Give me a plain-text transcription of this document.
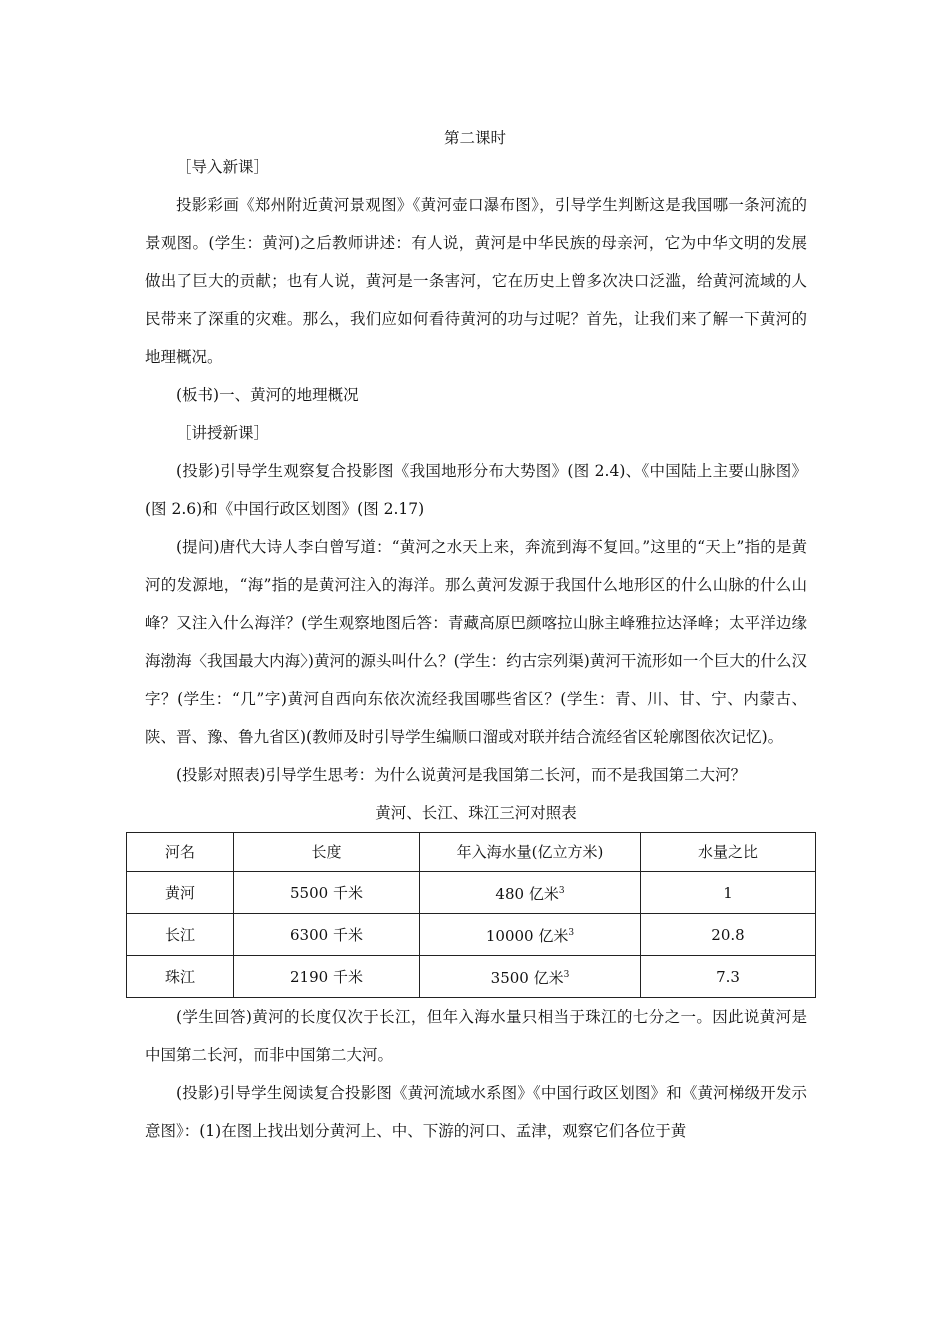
第二课时

［导入新课］

投影彩画《郑州附近黄河景观图》《黄河壶口瀑布图》，引导学生判断这是我国哪一条河流的景观图。(学生：黄河)之后教师讲述：有人说，黄河是中华民族的母亲河，它为中华文明的发展做出了巨大的贡献；也有人说，黄河是一条害河，它在历史上曾多次决口泛滥，给黄河流域的人民带来了深重的灾难。那么，我们应如何看待黄河的功与过呢？首先，让我们来了解一下黄河的地理概况。

(板书)一、黄河的地理概况

［讲授新课］

(投影)引导学生观察复合投影图《我国地形分布大势图》(图 2.4)、《中国陆上主要山脉图》(图 2.6)和《中国行政区划图》(图 2.17)

(提问)唐代大诗人李白曾写道：“黄河之水天上来，奔流到海不复回。”这里的“天上”指的是黄河的发源地，“海”指的是黄河注入的海洋。那么黄河发源于我国什么地形区的什么山脉的什么山峰？又注入什么海洋？(学生观察地图后答：青藏高原巴颜喀拉山脉主峰雅拉达泽峰；太平洋边缘海渤海〈我国最大内海〉)黄河的源头叫什么？(学生：约古宗列渠)黄河干流形如一个巨大的什么汉字？(学生：“几”字)黄河自西向东依次流经我国哪些省区？(学生：青、川、甘、宁、内蒙古、陕、晋、豫、鲁九省区)(教师及时引导学生编顺口溜或对联并结合流经省区轮廓图依次记忆)。

(投影对照表)引导学生思考：为什么说黄河是我国第二长河，而不是我国第二大河？

黄河、长江、珠江三河对照表

河名	长度	年入海水量(亿立方米)	水量之比
黄河	5500 千米	480 亿米$^3$	1
长江	6300 千米	10000 亿米$^3$	20.8
珠江	2190 千米	3500 亿米$^3$	7.3

(学生回答)黄河的长度仅次于长江，但年入海水量只相当于珠江的七分之一。因此说黄河是中国第二长河，而非中国第二大河。

(投影)引导学生阅读复合投影图《黄河流域水系图》《中国行政区划图》和《黄河梯级开发示意图》：(1)在图上找出划分黄河上、中、下游的河口、孟津，观察它们各位于黄
